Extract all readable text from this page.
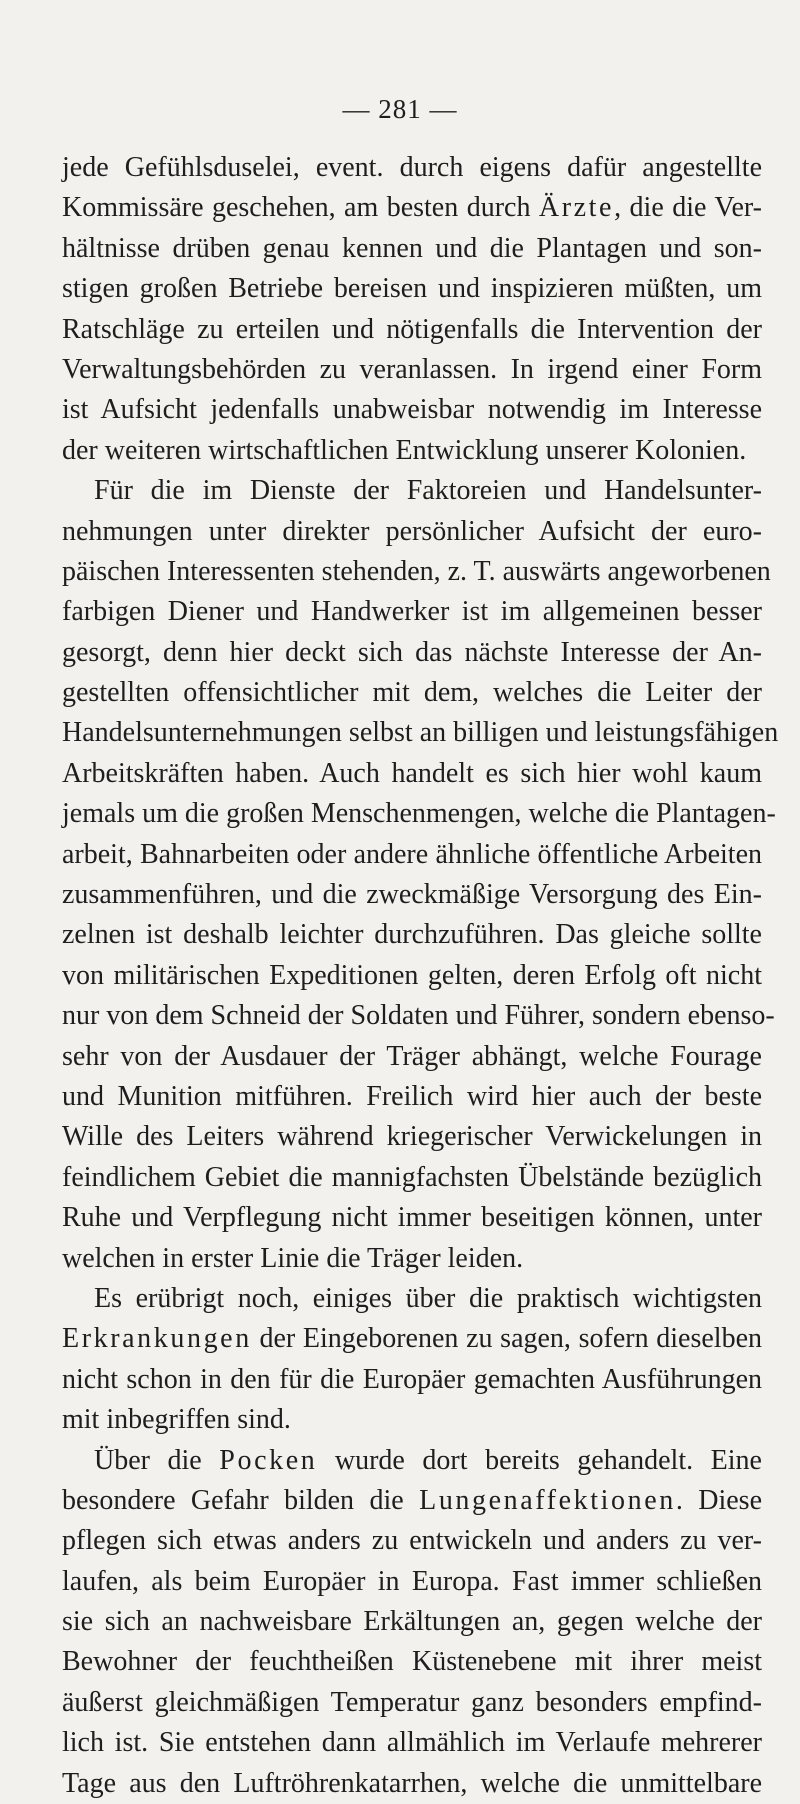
— 281 —
jede Gefühlsduselei, event. durch eigens dafür angestellte
Kommissäre geschehen, am besten durch Ärzte, die die Ver-
hältnisse drüben genau kennen und die Plantagen und son-
stigen großen Betriebe bereisen und inspizieren müßten, um
Ratschläge zu erteilen und nötigenfalls die Intervention der
Verwaltungsbehörden zu veranlassen. In irgend einer Form
ist Aufsicht jedenfalls unabweisbar notwendig im Interesse
der weiteren wirtschaftlichen Entwicklung unserer Kolonien.
Für die im Dienste der Faktoreien und Handelsunter-
nehmungen unter direkter persönlicher Aufsicht der euro-
päischen Interessenten stehenden, z. T. auswärts angeworbenen
farbigen Diener und Handwerker ist im allgemeinen besser
gesorgt, denn hier deckt sich das nächste Interesse der An-
gestellten offensichtlicher mit dem, welches die Leiter der
Handelsunternehmungen selbst an billigen und leistungsfähigen
Arbeitskräften haben. Auch handelt es sich hier wohl kaum
jemals um die großen Menschenmengen, welche die Plantagen-
arbeit, Bahnarbeiten oder andere ähnliche öffentliche Arbeiten
zusammenführen, und die zweckmäßige Versorgung des Ein-
zelnen ist deshalb leichter durchzuführen. Das gleiche sollte
von militärischen Expeditionen gelten, deren Erfolg oft nicht
nur von dem Schneid der Soldaten und Führer, sondern ebenso-
sehr von der Ausdauer der Träger abhängt, welche Fourage
und Munition mitführen. Freilich wird hier auch der beste
Wille des Leiters während kriegerischer Verwickelungen in
feindlichem Gebiet die mannigfachsten Übelstände bezüglich
Ruhe und Verpflegung nicht immer beseitigen können, unter
welchen in erster Linie die Träger leiden.
Es erübrigt noch, einiges über die praktisch wichtigsten
Erkrankungen der Eingeborenen zu sagen, sofern dieselben
nicht schon in den für die Europäer gemachten Ausführungen
mit inbegriffen sind.
Über die Pocken wurde dort bereits gehandelt. Eine
besondere Gefahr bilden die Lungenaffektionen. Diese
pflegen sich etwas anders zu entwickeln und anders zu ver-
laufen, als beim Europäer in Europa. Fast immer schließen
sie sich an nachweisbare Erkältungen an, gegen welche der
Bewohner der feuchtheißen Küstenebene mit ihrer meist
äußerst gleichmäßigen Temperatur ganz besonders empfind-
lich ist. Sie entstehen dann allmählich im Verlaufe mehrerer
Tage aus den Luftröhrenkatarrhen, welche die unmittelbare
